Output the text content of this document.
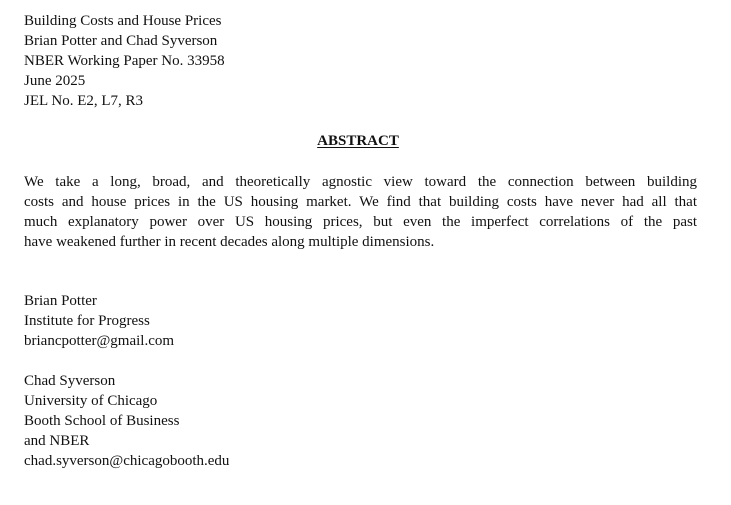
Building Costs and House Prices
Brian Potter and Chad Syverson
NBER Working Paper No. 33958
June 2025
JEL No. E2, L7, R3
ABSTRACT
We take a long, broad, and theoretically agnostic view toward the connection between building
costs and house prices in the US housing market. We find that building costs have never had all that
much explanatory power over US housing prices, but even the imperfect correlations of the past
have weakened further in recent decades along multiple dimensions.
Brian Potter
Institute for Progress
briancpotter@gmail.com
Chad Syverson
University of Chicago
Booth School of Business
and NBER
chad.syverson@chicagobooth.edu
